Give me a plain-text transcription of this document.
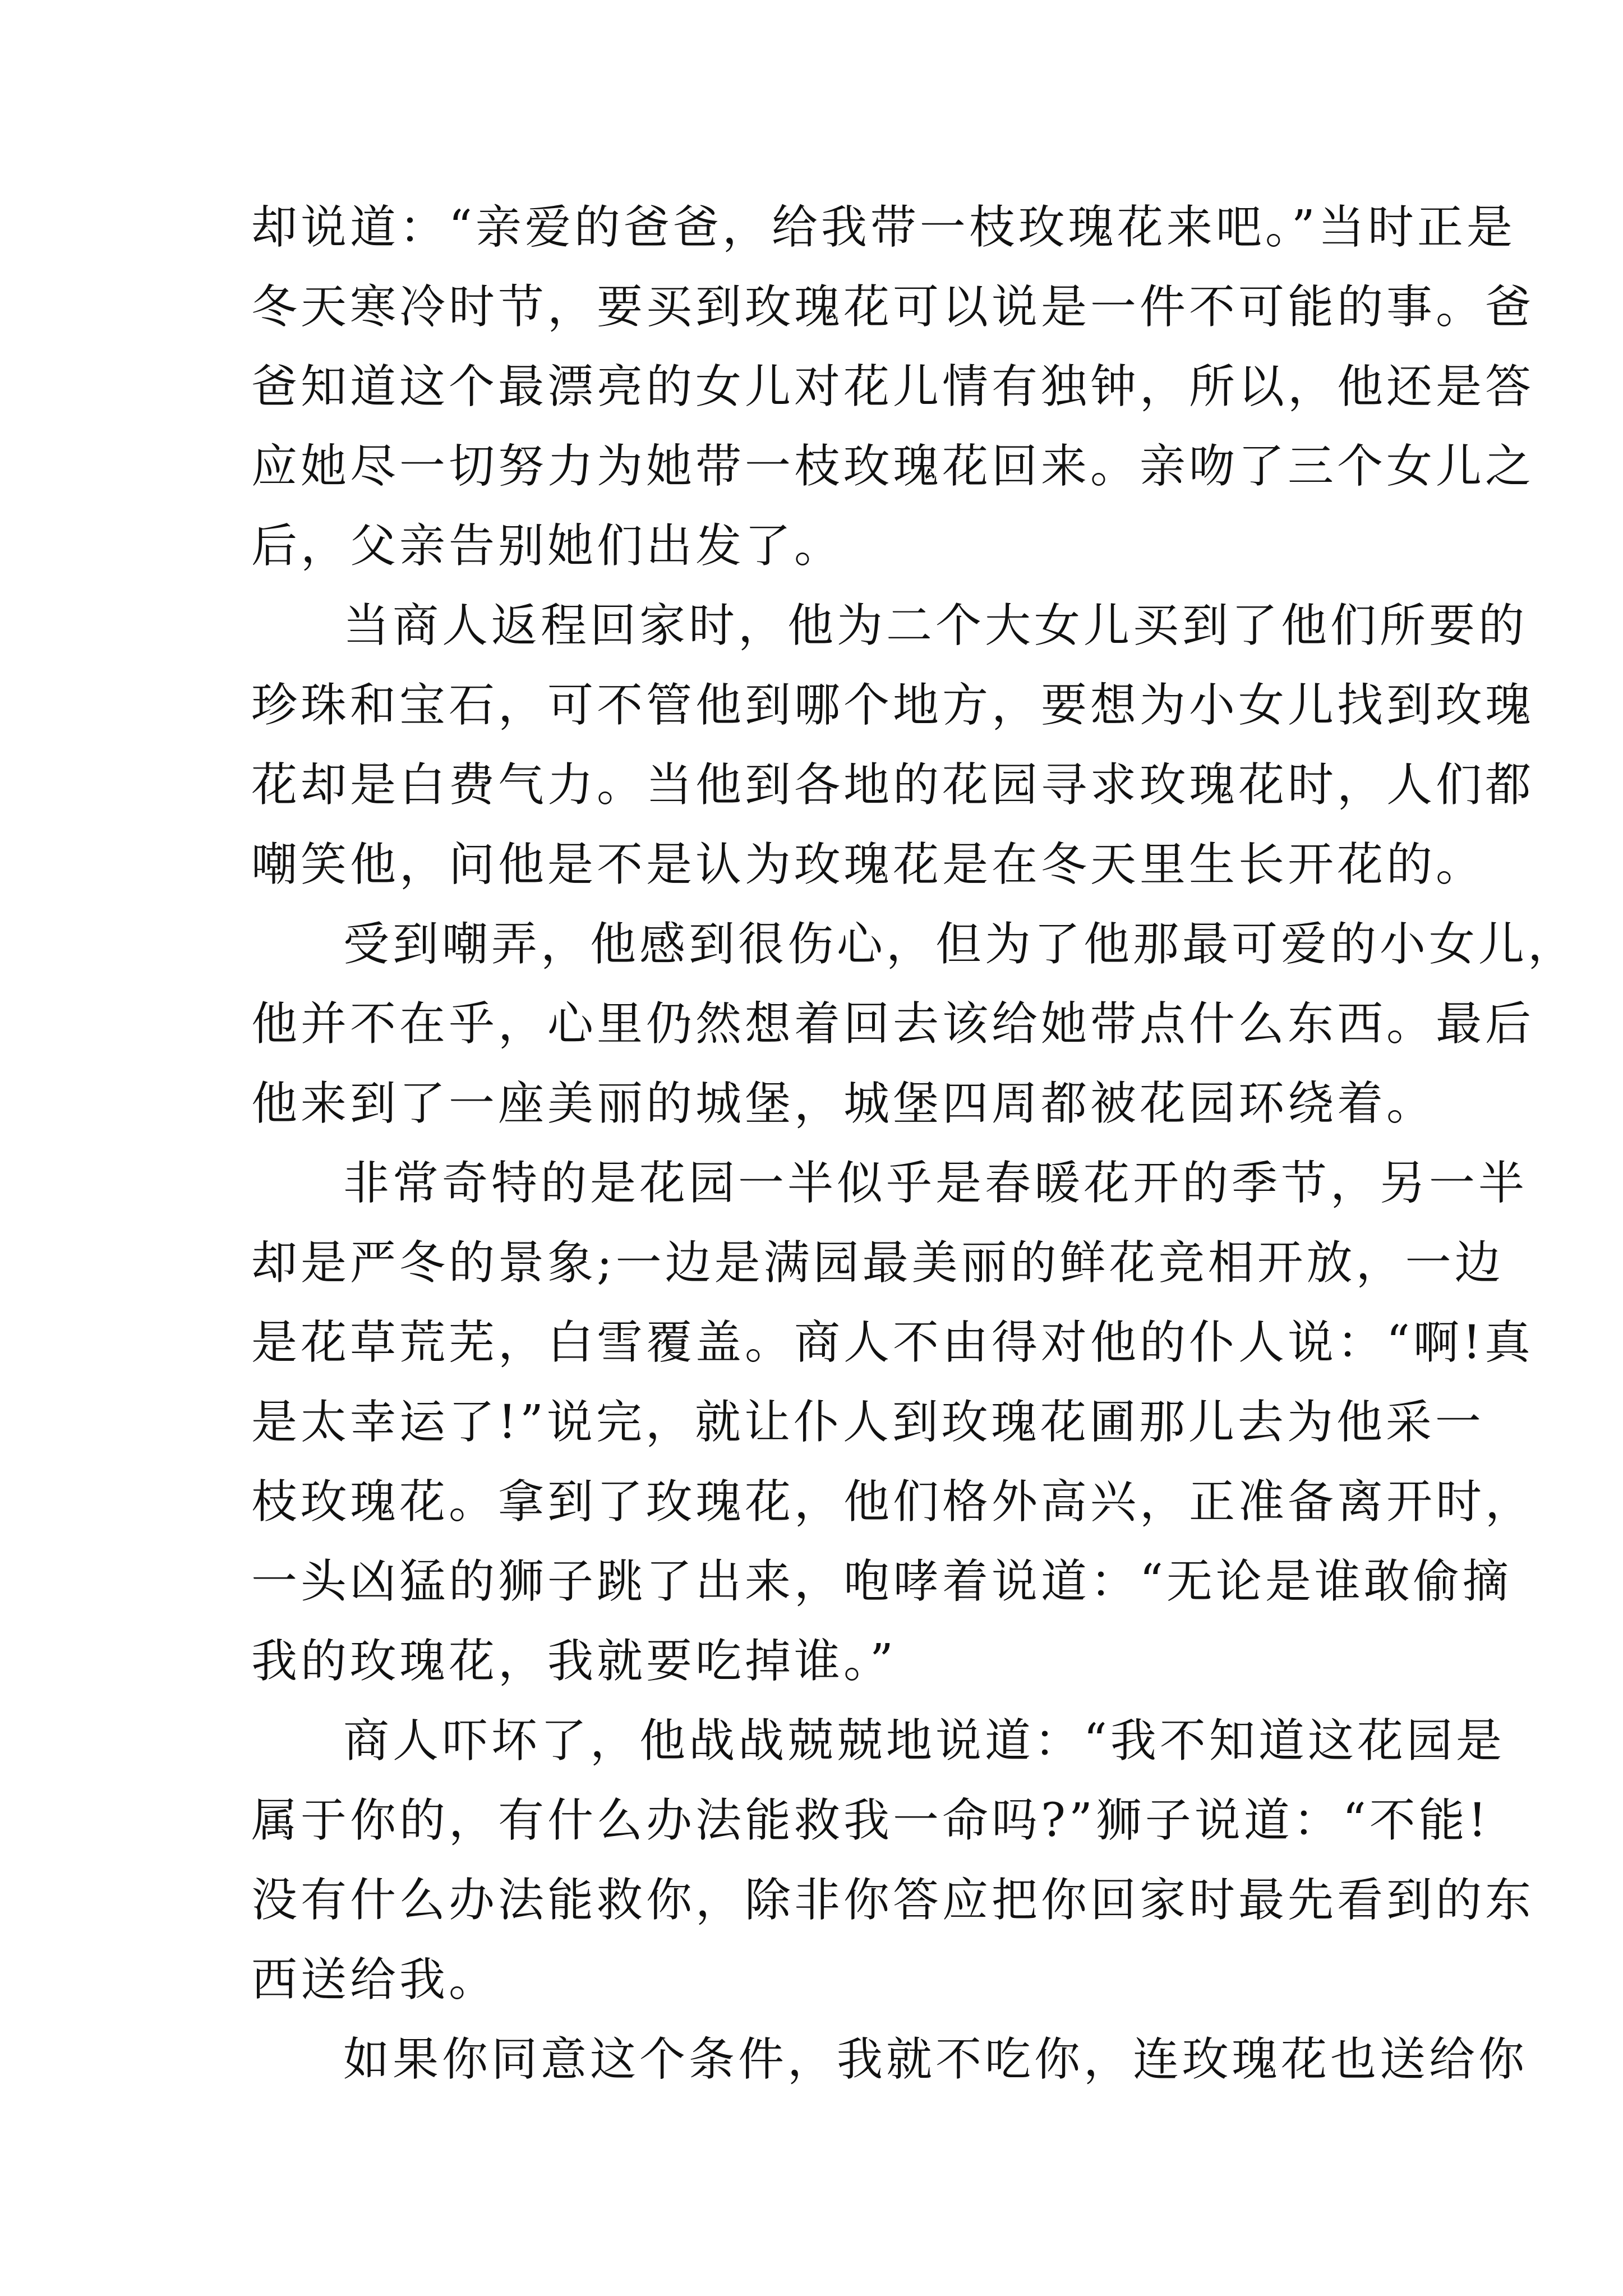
却说道：“亲爱的爸爸，给我带一枝玫瑰花来吧。”当时正是
冬天寒冷时节，要买到玫瑰花可以说是一件不可能的事。爸
爸知道这个最漂亮的女儿对花儿情有独钟，所以，他还是答
应她尽一切努力为她带一枝玫瑰花回来。亲吻了三个女儿之
后，父亲告别她们出发了。
当商人返程回家时，他为二个大女儿买到了他们所要的
珍珠和宝石，可不管他到哪个地方，要想为小女儿找到玫瑰
花却是白费气力。当他到各地的花园寻求玫瑰花时，人们都
嘲笑他，问他是不是认为玫瑰花是在冬天里生长开花的。
受到嘲弄，他感到很伤心，但为了他那最可爱的小女儿，
他并不在乎，心里仍然想着回去该给她带点什么东西。最后
他来到了一座美丽的城堡，城堡四周都被花园环绕着。
非常奇特的是花园一半似乎是春暖花开的季节，另一半
却是严冬的景象;一边是满园最美丽的鲜花竞相开放，一边
是花草荒芜，白雪覆盖。商人不由得对他的仆人说：“啊!真
是太幸运了!”说完，就让仆人到玫瑰花圃那儿去为他采一
枝玫瑰花。拿到了玫瑰花，他们格外高兴，正准备离开时，
一头凶猛的狮子跳了出来，咆哮着说道：“无论是谁敢偷摘
我的玫瑰花，我就要吃掉谁。”
商人吓坏了，他战战兢兢地说道：“我不知道这花园是
属于你的，有什么办法能救我一命吗?”狮子说道：“不能!
没有什么办法能救你，除非你答应把你回家时最先看到的东
西送给我。
如果你同意这个条件，我就不吃你，连玫瑰花也送给你
